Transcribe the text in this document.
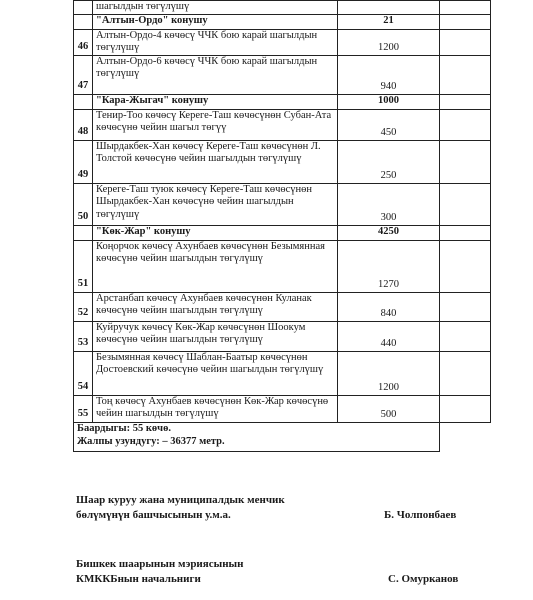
	шагылдын төгүлүшү		
	"Алтын-Ордо" конушу	21	
46	Алтын-Ордо-4 көчөсү ЧЧК бою карай шагылдын төгүлүшү	1200	
47	Алтын-Ордо-6 көчөсү ЧЧК бою карай шагылдын төгүлүшү	940	
	"Кара-Жыгач" конушу	1000	
48	Тенир-Тоо көчөсү Кереге-Таш көчөсүнөн Субан-Ата көчөсүнө чейин шагыл төгүү	450	
49	Шырдакбек-Хан көчөсү Кереге-Таш көчөсүнөн Л. Толстой көчөсүнө чейин шагылдын төгүлүшү	250	
50	Кереге-Таш туюк көчөсү Кереге-Таш көчөсүнөн Шырдакбек-Хан көчөсүнө чейин шагылдын төгүлүшү	300	
	"Көк-Жар" конушу	4250	
51	Коңорчок көчөсү Ахунбаев көчөсүнөн Безымянная көчөсүнө чейин шагылдын төгүлүшү	1270	
52	Арстанбап көчөсү Ахунбаев көчөсүнөн Куланак көчөсүнө чейин шагылдын төгүлүшү	840	
53	Куйручук көчөсү Көк-Жар көчөсүнөн Шоокум көчөсүнө чейин шагылдын төгүлүшү	440	
54	Безымянная көчөсү Шаблан-Баатыр көчөсүнөн Достоевский көчөсүнө чейин шагылдын төгүлүшү	1200	
55	Тоң көчөсү Ахунбаев көчөсүнөн Көк-Жар көчөсүнө чейин шагылдын төгүлүшү	500	
Баардыгы: 55 көчө.			
Жалпы узундугу: – 36377 метр.			
Шаар куруу жана муниципалдык менчик
бөлүмүнүн башчысынын у.м.а.	Б. Чолпонбаев
Бишкек шаарынын мэриясынын
КМККБнын начальниги	С. Омурканов
